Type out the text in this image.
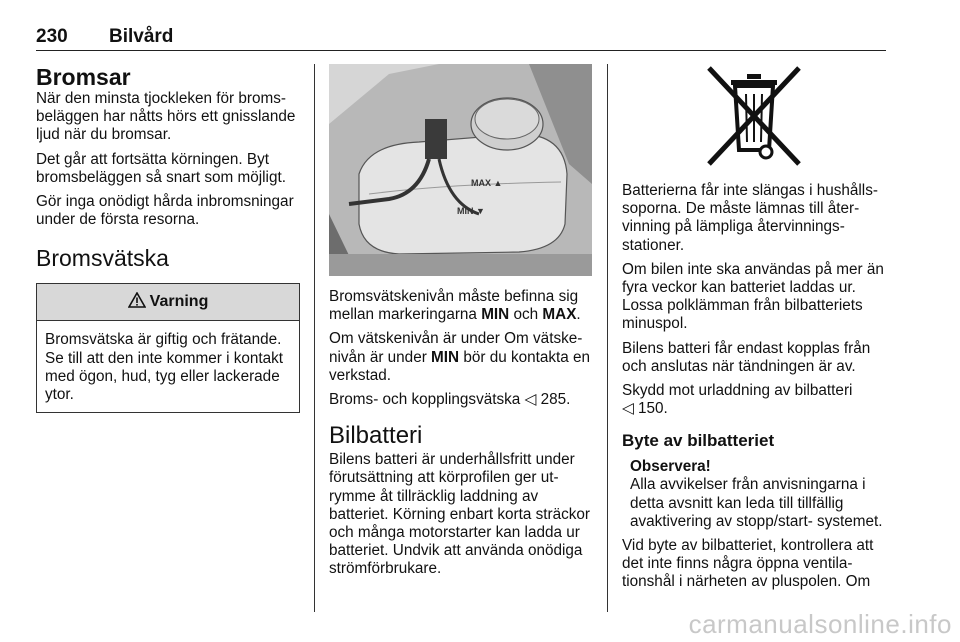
230 Bilvård
Bromsar

När den minsta tjockleken för bromsbeläggen har nåtts hörs ett gnisslande ljud när du bromsar.

Det går att fortsätta körningen. Byt bromsbeläggen så snart som möjligt.

Gör inga onödigt hårda inbromsningar under de första resorna.

Bromsvätska
Varning

Bromsvätska är giftig och frätande. Se till att den inte kommer i kontakt med ögon, hud, tyg eller lackerade ytor.

MAX ▲
MIN ▼

Bromsvätskenivån måste befinna sig mellan markeringarna MIN och MAX.

Om vätskenivån är under Om vätskenivån är under MIN bör du kontakta en verkstad.

Broms- och kopplingsvätska ◁ 285.

Bilbatteri

Bilens batteri är underhållsfritt under förutsättning att körprofilen ger utrymme åt tillräcklig laddning av batteriet. Körning enbart korta sträckor och många motorstarter kan ladda ur batteriet. Undvik att använda onödiga strömförbrukare.

Batterierna får inte slängas i hushållssoporna. De måste lämnas till återvinning på lämpliga återvinningsstationer.

Om bilen inte ska användas på mer än fyra veckor kan batteriet laddas ur. Lossa polklämman från bilbatteriets minuspol.

Bilens batteri får endast kopplas från och anslutas när tändningen är av.

Skydd mot urladdning av bilbatteri
◁ 150.

Byte av bilbatteriet

Observera!

Alla avvikelser från anvisningarna i detta avsnitt kan leda till tillfällig avaktivering av stopp/start- systemet.

Vid byte av bilbatteriet, kontrollera att det inte finns några öppna ventilationshål i närheten av pluspolen. Om

carmanualsonline.info
